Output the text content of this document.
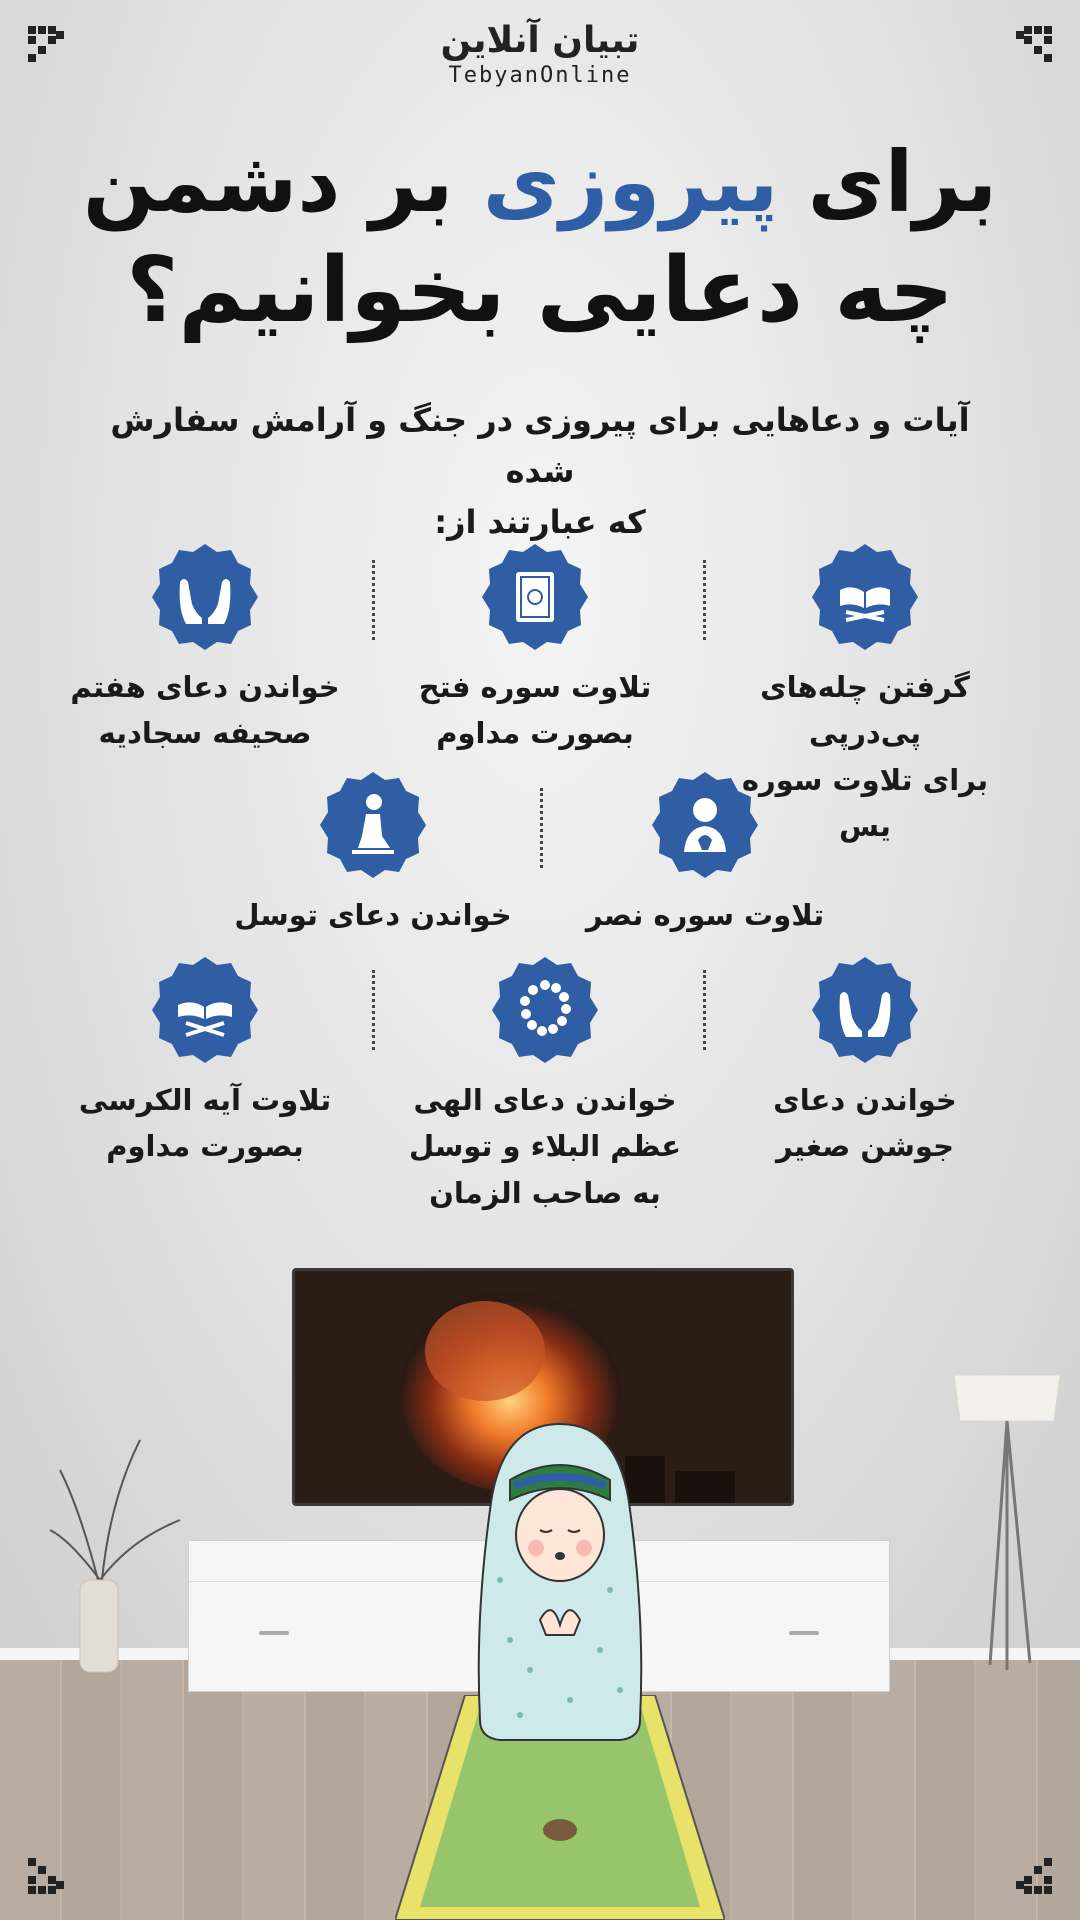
تبیان آنلاین
TebyanOnline
برای پیروزی بر دشمن
چه دعایی بخوانیم؟
آیات و دعاهایی برای پیروزی در جنگ و آرامش سفارش شده
که عبارتند از:
گرفتن چله‌های پی‌درپی
برای تلاوت سوره یس
تلاوت سوره فتح
بصورت مداوم
خواندن دعای هفتم
صحیفه سجادیه
تلاوت سوره نصر
خواندن دعای توسل
خواندن دعای
جوشن صغیر
خواندن دعای الهی
عظم البلاء و توسل
به صاحب الزمان
تلاوت آیه الکرسی
بصورت مداوم
